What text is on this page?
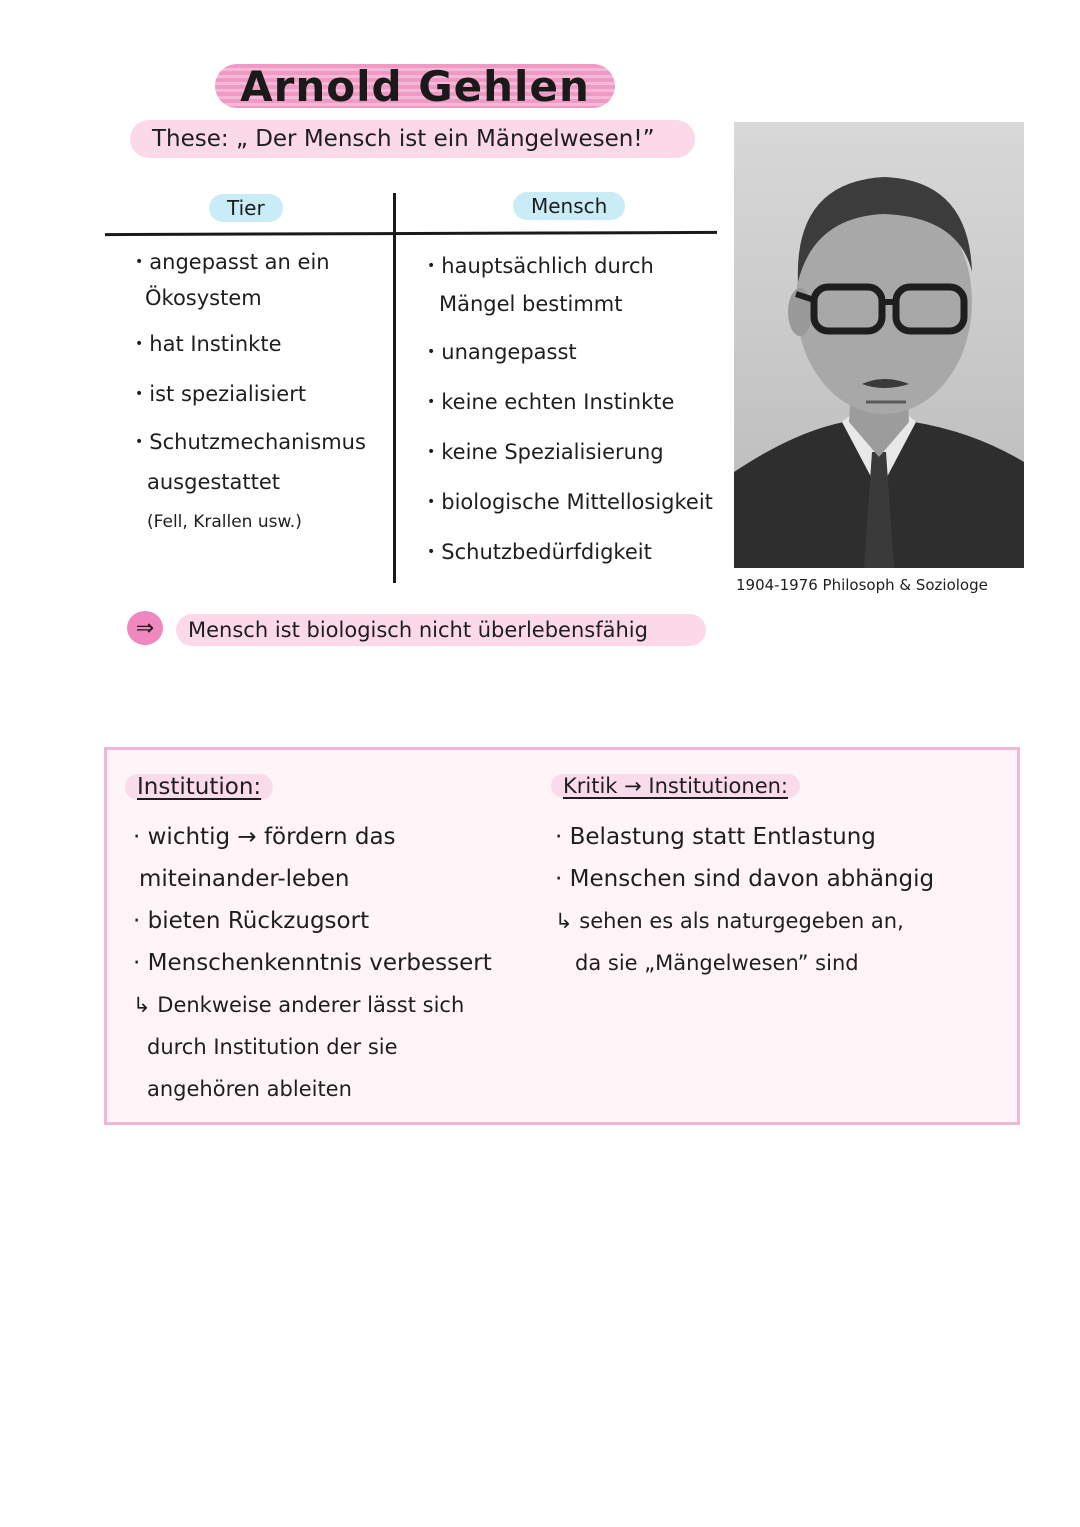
Arnold Gehlen
These: „ Der Mensch ist ein Mängelwesen!”
Tier	Mensch
• angepasst an ein
Ökosystem
• hat Instinkte
• ist spezialisiert
• Schutzmechanismus
ausgestattet
(Fell, Krallen usw.)
• hauptsächlich durch
Mängel bestimmt
• unangepasst
• keine echten Instinkte
• keine Spezialisierung
• biologische Mittellosigkeit
• Schutzbedürfdigkeit
⇒	Mensch ist biologisch nicht überlebensfähig
1904-1976 Philosoph & Soziologe
Institution:
· wichtig → fördern das
miteinander-leben
· bieten Rückzugsort
· Menschenkenntnis verbessert
↳ Denkweise anderer lässt sich
durch Institution der sie
angehören ableiten
Kritik → Institutionen:
· Belastung statt Entlastung
· Menschen sind davon abhängig
↳ sehen es als naturgegeben an,
da sie „Mängelwesen” sind
